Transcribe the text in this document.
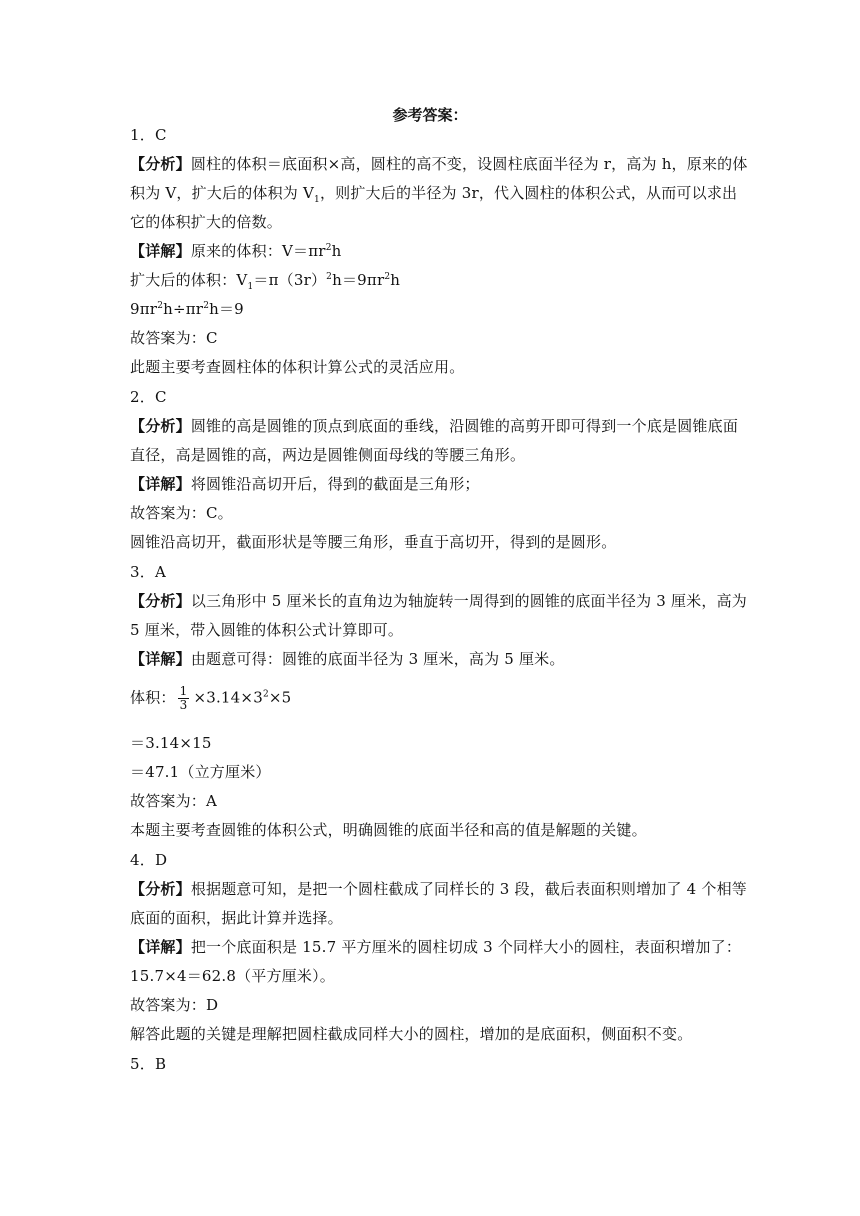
参考答案：
1．C
【分析】圆柱的体积＝底面积×高，圆柱的高不变，设圆柱底面半径为 r，高为 h，原来的体
积为 V，扩大后的体积为 $V_1$，则扩大后的半径为 3r，代入圆柱的体积公式，从而可以求出
它的体积扩大的倍数。
【详解】原来的体积：$V=\pi r^2h$
扩大后的体积：$V_1=\pi(3r)^2h=9\pi r^2h$
$9\pi r^2h\div\pi r^2h=9$
故答案为：C
此题主要考查圆柱体的体积计算公式的灵活应用。
2．C
【分析】圆锥的高是圆锥的顶点到底面的垂线，沿圆锥的高剪开即可得到一个底是圆锥底面
直径，高是圆锥的高，两边是圆锥侧面母线的等腰三角形。
【详解】将圆锥沿高切开后，得到的截面是三角形；
故答案为：C。
圆锥沿高切开，截面形状是等腰三角形，垂直于高切开，得到的是圆形。
3．A
【分析】以三角形中 5 厘米长的直角边为轴旋转一周得到的圆锥的底面半径为 3 厘米，高为
5 厘米，带入圆锥的体积公式计算即可。
【详解】由题意可得：圆锥的底面半径为 3 厘米，高为 5 厘米。
体积： $\frac{1}{3} \times 3.14\times 3^2\times 5$
＝3.14×15
＝47.1（立方厘米）
故答案为：A
本题主要考查圆锥的体积公式，明确圆锥的底面半径和高的值是解题的关键。
4．D
【分析】根据题意可知，是把一个圆柱截成了同样长的 3 段，截后表面积则增加了 4 个相等
底面的面积，据此计算并选择。
【详解】把一个底面积是 15.7 平方厘米的圆柱切成 3 个同样大小的圆柱，表面积增加了：
15.7×4＝62.8（平方厘米）。
故答案为：D
解答此题的关键是理解把圆柱截成同样大小的圆柱，增加的是底面积，侧面积不变。
5．B
